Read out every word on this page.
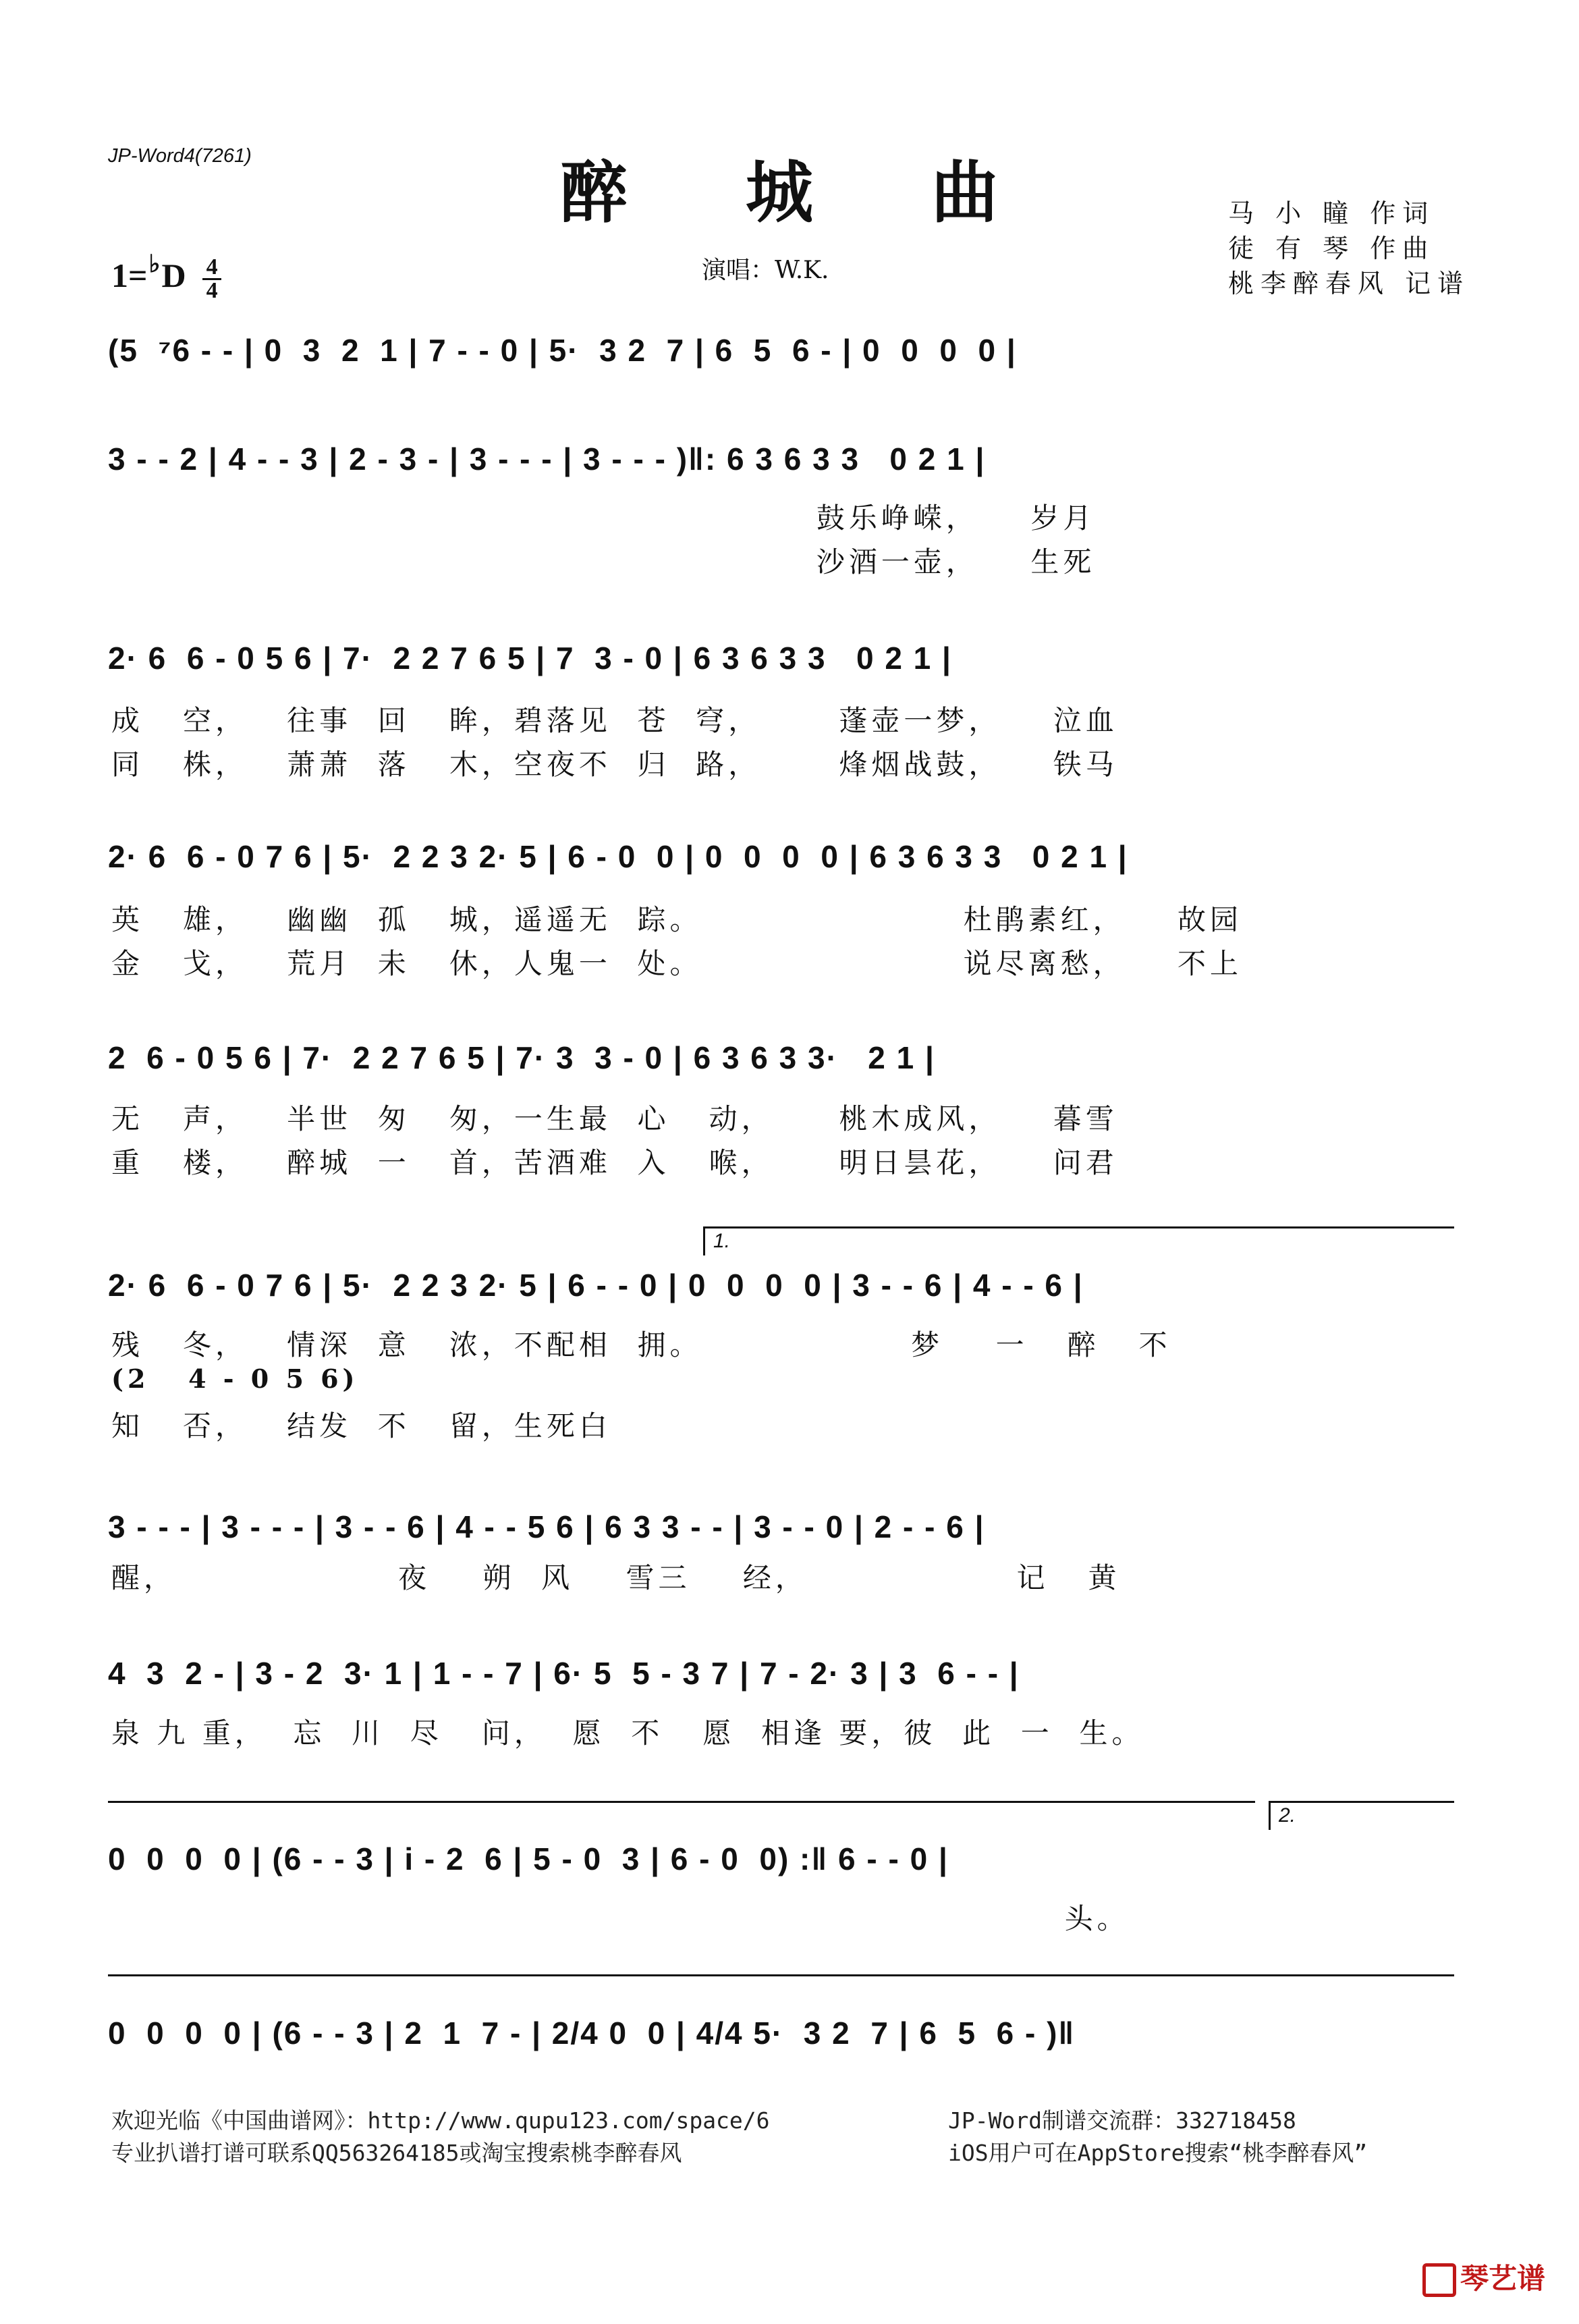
JP-Word4(7261)	醉 城 曲
$1=^♭D \frac{4}{4}$	演唱：W.K.
马 小 瞳 作词
徒 有 琴 作曲
桃李醉春风 记谱
(5  ⁷6 - - | 0  3  2  1 | 7 - - 0 | 5·  3 2  7 | 6  5  6 - | 0  0  0  0 |
3 - - 2 | 4 - - 3 | 2 - 3 - | 3 - - - | 3 - - - )‖: 6 3 6 3 3   0 2 1 |
鼓乐峥嵘，    岁月
沙酒一壶，    生死
2· 6  6 - 0 5 6 | 7·  2 2 7 6 5 | 7  3 - 0 | 6 3 6 3 3   0 2 1 |
成   空，   往事  回   眸，碧落见  苍  穹，      蓬壶一梦，    泣血
同   株，   萧萧  落   木，空夜不  归  路，      烽烟战鼓，    铁马
2· 6  6 - 0 7 6 | 5·  2 2 3 2· 5 | 6 - 0  0 | 0  0  0  0 | 6 3 6 3 3   0 2 1 |
英   雄，   幽幽  孤   城，遥遥无  踪。                    杜鹃素红，    故园
金   戈，   荒月  未   休，人鬼一  处。                    说尽离愁，    不上
2  6 - 0 5 6 | 7·  2 2 7 6 5 | 7· 3  3 - 0 | 6 3 6 3 3·   2 1 |
无   声，   半世  匆   匆，一生最  心   动，     桃木成风，    暮雪
重   楼，   醉城  一   首，苦酒难  入   喉，     明日昙花，    问君
1.
2· 6  6 - 0 7 6 | 5·  2 2 3 2· 5 | 6 - - 0 | 0  0  0  0 | 3 - - 6 | 4 - - 6 |
残   冬，   情深  意   浓，不配相  拥。                梦    一   醉   不
(2   4 - 0 5 6)
知   否，   结发  不   留，生死白
3 - - - | 3 - - - | 3 - - 6 | 4 - - 5 6 | 6 3 3 - - | 3 - - 0 | 2 - - 6 |
醒，                 夜    朔  风    雪三    经，                记   黄
4  3  2 - | 3 - 2  3· 1 | 1 - - 7 | 6· 5  5 - 3 7 | 7 - 2· 3 | 3  6 - - |
泉 九 重，  忘  川  尽   问，  愿  不   愿  相逢 要，彼  此  一  生。
2.
0  0  0  0 | (6 - - 3 | i - 2  6 | 5 - 0  3 | 6 - 0  0) :‖ 6 - - 0 |
头。
0  0  0  0 | (6 - - 3 | 2  1  7 - | 2/4 0  0 | 4/4 5·  3 2  7 | 6  5  6 - )‖
欢迎光临《中国曲谱网》：http://www.qupu123.com/space/6
专业扒谱打谱可联系QQ563264185或淘宝搜索桃李醉春风
JP-Word制谱交流群：332718458
iOS用户可在AppStore搜索“桃李醉春风”
琴艺谱
